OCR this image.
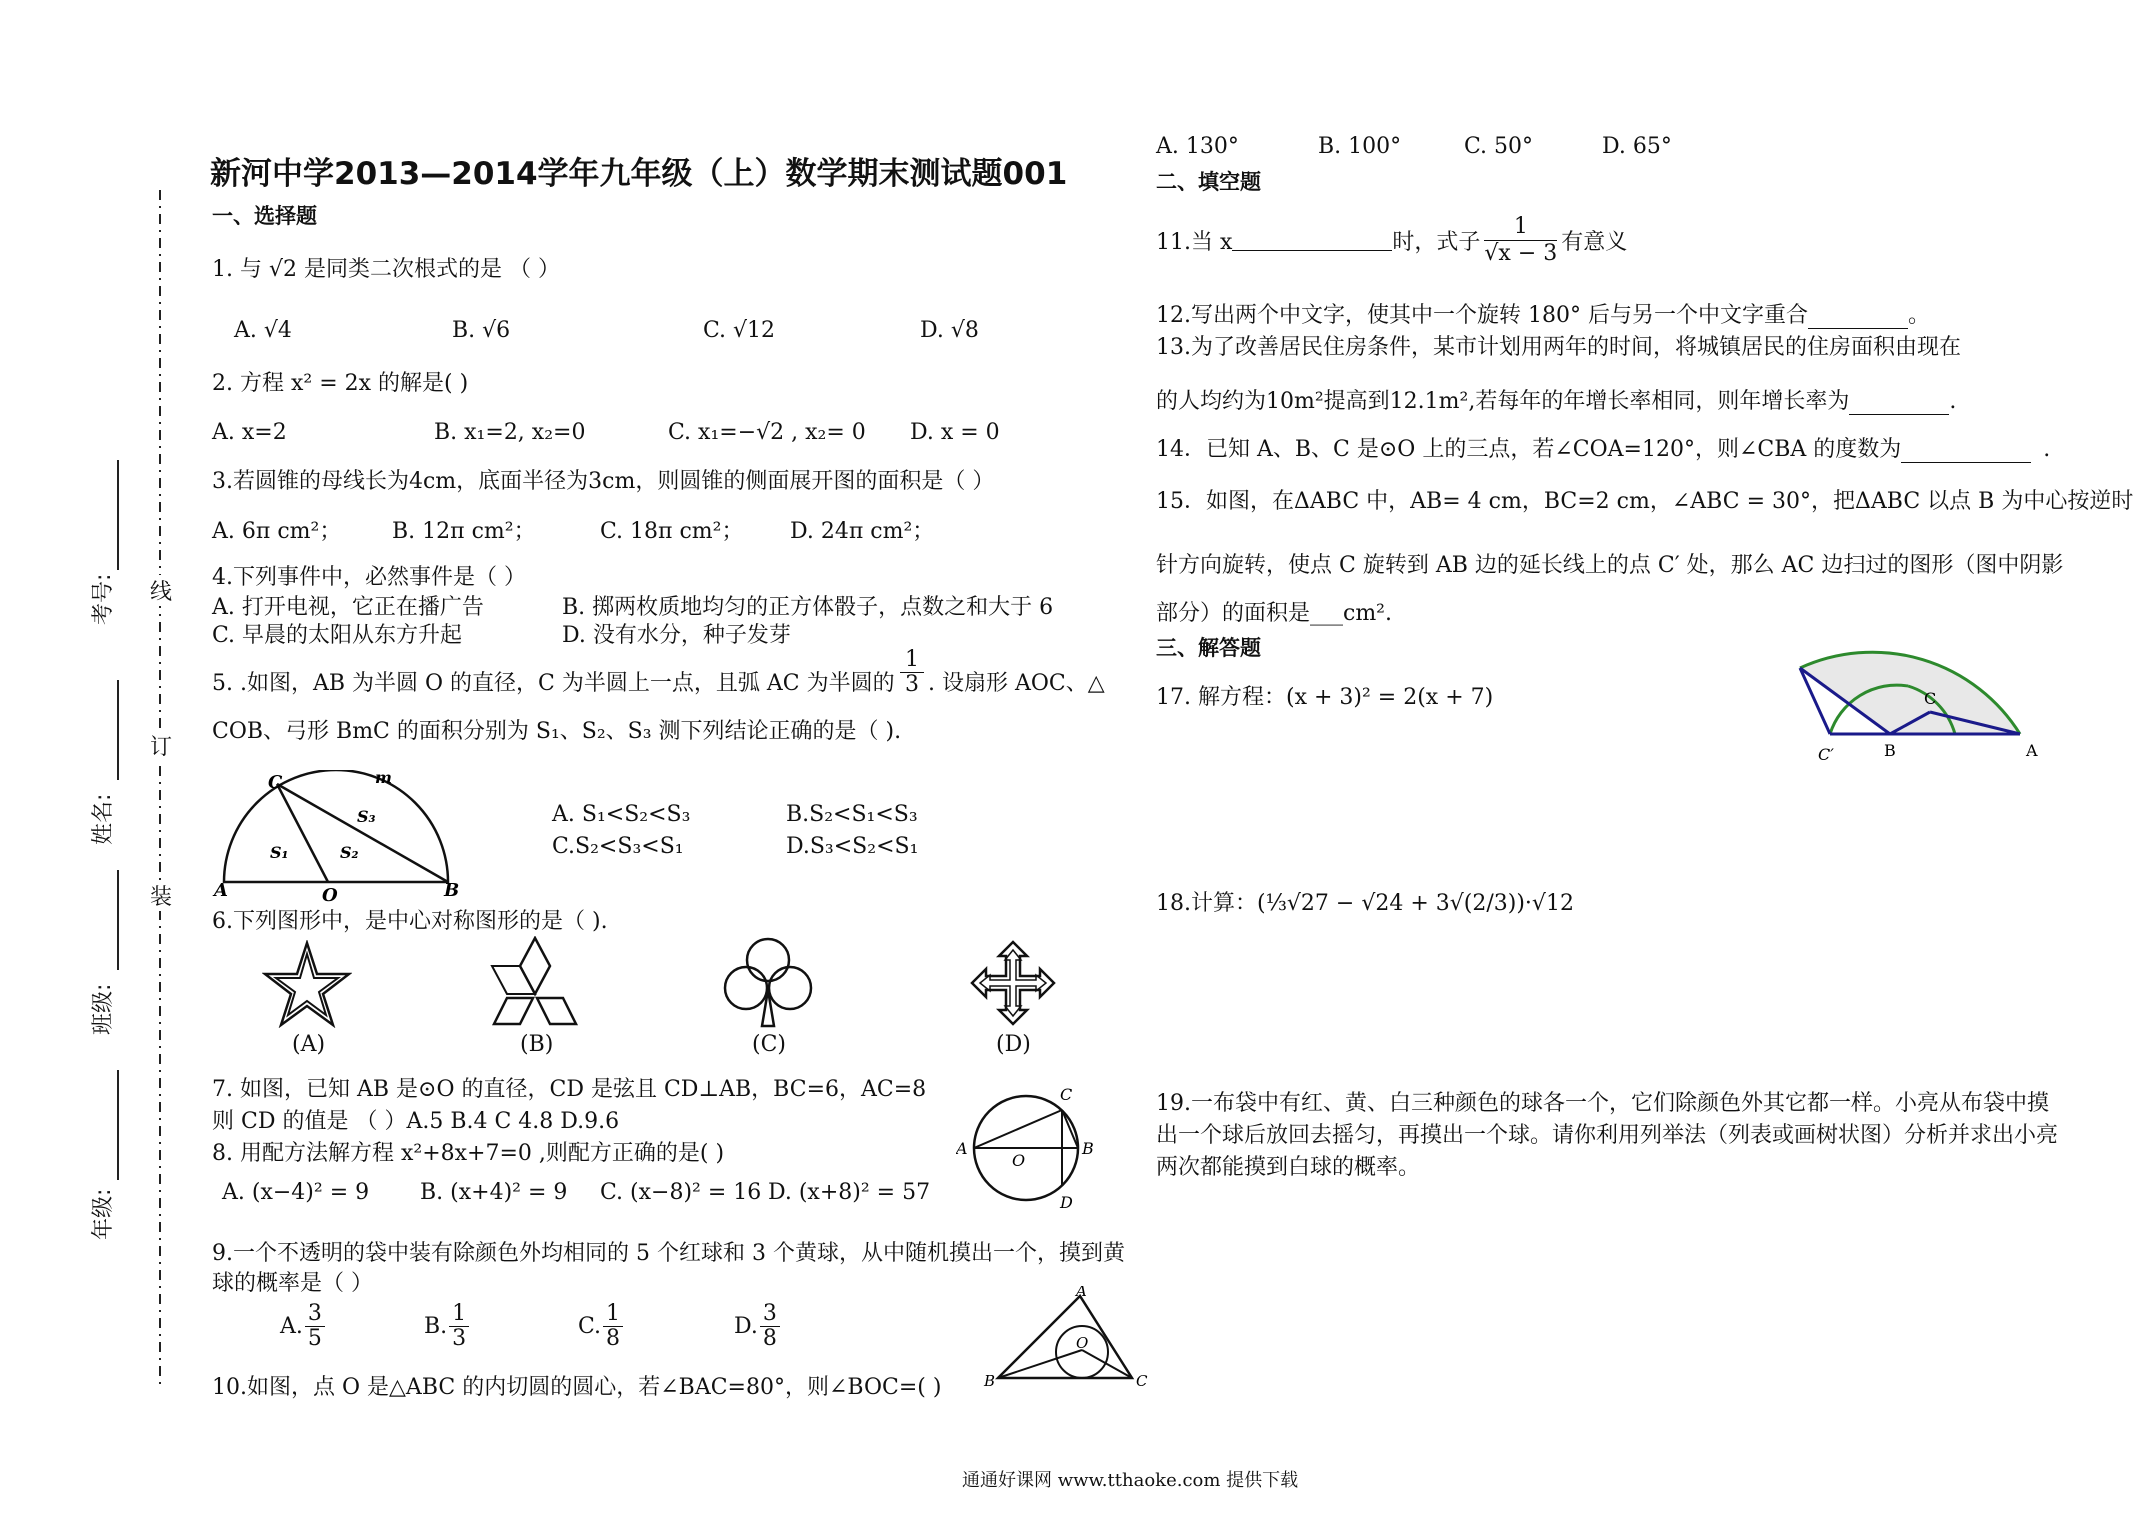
考号:
姓名:
班级:
年级:
线
订
装
新河中学2013—2014学年九年级（上）数学期末测试题001
一、选择题
1. 与 √2 是同类二次根式的是 （ ）
A. √4	B. √6	C. √12	D. √8
2. 方程 x² = 2x 的解是( )
A. x=2	B. x₁=2, x₂=0	C. x₁=−√2 , x₂= 0 D. x = 0
3.若圆锥的母线长为4cm，底面半径为3cm，则圆锥的侧面展开图的面积是（ ）
A. 6π cm²； B. 12π cm²；	C. 18π cm²； D. 24π cm²；
4.下列事件中，必然事件是（ ）
A. 打开电视，它正在播广告	B. 掷两枚质地均匀的正方体骰子，点数之和大于 6
C. 早晨的太阳从东方升起	D. 没有水分，种子发芽
5. .如图，AB 为半圆 O 的直径，C 为半圆上一点，且弧 AC 为半圆的 $\frac{1}{3}$ . 设扇形 AOC、△
COB、弓形 BmC 的面积分别为 S₁、S₂、S₃ 测下列结论正确的是（ ).
A. S₁<S₂<S₃	B.S₂<S₁<S₃
C.S₂<S₃<S₁	D.S₃<S₂<S₁
C	m
S₃
S₁	S₂
A	O	B
6.下列图形中，是中心对称图形的是（ ).
(A)	(B)	(C)	(D)
7. 如图，已知 AB 是⊙O 的直径，CD 是弦且 CD⊥AB，BC=6，AC=8
则 CD 的值是 （ ）A.5 B.4 C 4.8 D.9.6
C
A
O
B
D
8. 用配方法解方程 x²+8x+7=0 ,则配方正确的是( )
A. (x−4)² = 9 B. (x+4)² = 9 C. (x−8)² = 16 D. (x+8)² = 57
9.一个不透明的袋中装有除颜色外均相同的 5 个红球和 3 个黄球，从中随机摸出一个，摸到黄
球的概率是（ ）
A. $\frac{3}{5}$	B. $\frac{1}{3}$	C. $\frac{1}{8}$	D. $\frac{3}{8}$
10.如图，点 O 是△ABC 的内切圆的圆心，若∠BAC=80°，则∠BOC=( )
A
O
B	C
A. 130°	B. 100°	C. 50°	D. 65°
二、填空题
11.当 x	时，式子 $\frac{1}{√x - 3}$ 有意义
12.写出两个中文字，使其中一个旋转 180° 后与另一个中文字重合	。
13.为了改善居民住房条件，某市计划用两年的时间，将城镇居民的住房面积由现在
的人均约为10m²提高到12.1m²,若每年的年增长率相同，则年增长率为	.
14．已知 A、B、C 是⊙O 上的三点，若∠COA=120°，则∠CBA 的度数为	.
15．如图，在ΔABC 中，AB= 4 cm，BC=2 cm，∠ABC = 30°，把ΔABC 以点 B 为中心按逆时
针方向旋转，使点 C 旋转到 AB 边的延长线上的点 C′ 处，那么 AC 边扫过的图形（图中阴影
部分）的面积是___cm².
三、解答题
C
C′	B	A
17. 解方程：(x + 3)² = 2(x + 7)
18.计算：(⅓√27 − √24 + 3√(2/3))·√12
19.一布袋中有红、黄、白三种颜色的球各一个，它们除颜色外其它都一样。小亮从布袋中摸出一个球后放回去摇匀，再摸出一个球。请你利用列举法（列表或画树状图）分析并求出小亮两次都能摸到白球的概率。
通通好课网 www.tthaoke.com 提供下载
